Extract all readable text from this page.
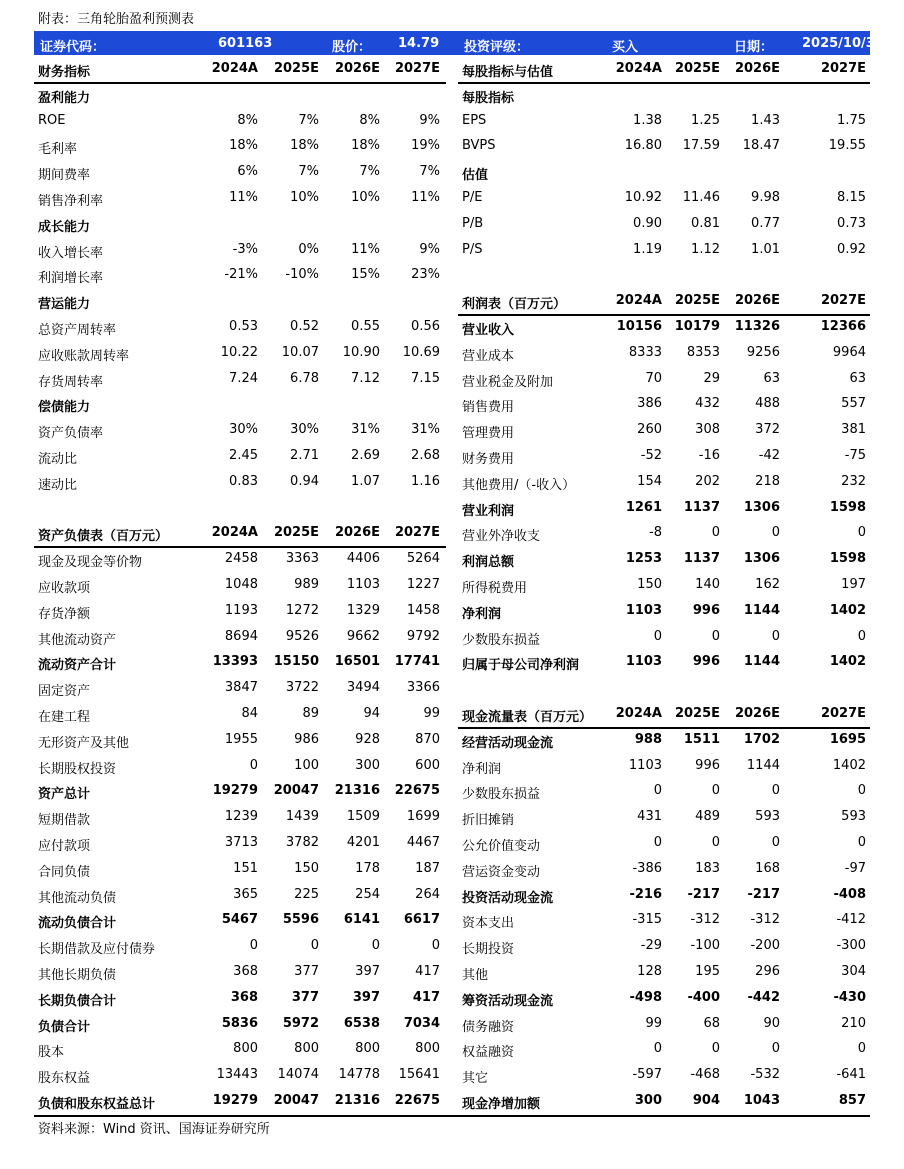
附表：三角轮胎盈利预测表
证券代码：	601163	股价： 14.79 投资评级：	买入	日期： 2025/10/31
财务指标	2024A	2025E	2026E	2027E
盈利能力
ROE	8%	7%	8%	9%
毛利率	18%	18%	18%	19%
期间费率	6%	7%	7%	7%
销售净利率	11%	10%	10%	11%
成长能力
收入增长率	-3%	0%	11%	9%
利润增长率	-21%	-10%	15%	23%
营运能力
总资产周转率	0.53	0.52	0.55	0.56
应收账款周转率	10.22	10.07	10.90	10.69
存货周转率	7.24	6.78	7.12	7.15
偿债能力
资产负债率	30%	30%	31%	31%
流动比	2.45	2.71	2.69	2.68
速动比	0.83	0.94	1.07	1.16
资产负债表（百万元）	2024A	2025E	2026E	2027E
现金及现金等价物	2458	3363	4406	5264
应收款项	1048	989	1103	1227
存货净额	1193	1272	1329	1458
其他流动资产	8694	9526	9662	9792
流动资产合计	13393	15150	16501	17741
固定资产	3847	3722	3494	3366
在建工程	84	89	94	99
无形资产及其他	1955	986	928	870
长期股权投资	0	100	300	600
资产总计	19279	20047	21316	22675
短期借款	1239	1439	1509	1699
应付款项	3713	3782	4201	4467
合同负债	151	150	178	187
其他流动负债	365	225	254	264
流动负债合计	5467	5596	6141	6617
长期借款及应付债券	0	0	0	0
其他长期负债	368	377	397	417
长期负债合计	368	377	397	417
负债合计	5836	5972	6538	7034
股本	800	800	800	800
股东权益	13443	14074	14778	15641
负债和股东权益总计	19279	20047	21316	22675
每股指标与估值	2024A 2025E	2026E	2027E
每股指标
EPS	1.38	1.25	1.43	1.75
BVPS	16.80	17.59	18.47	19.55
估值
P/E	10.92	11.46	9.98	8.15
P/B	0.90	0.81	0.77	0.73
P/S	1.19	1.12	1.01	0.92
利润表（百万元）	2024A 2025E	2026E	2027E
营业收入	10156 10179	11326	12366
营业成本	8333	8353	9256	9964
营业税金及附加	70	29	63	63
销售费用	386	432	488	557
管理费用	260	308	372	381
财务费用	-52	-16	-42	-75
其他费用/（-收入）	154	202	218	232
营业利润	1261	1137	1306	1598
营业外净收支	-8	0	0	0
利润总额	1253	1137	1306	1598
所得税费用	150	140	162	197
净利润	1103	996	1144	1402
少数股东损益	0	0	0	0
归属于母公司净利润	1103	996	1144	1402
现金流量表（百万元）	2024A 2025E	2026E	2027E
经营活动现金流	988	1511	1702	1695
净利润	1103	996	1144	1402
少数股东损益	0	0	0	0
折旧摊销	431	489	593	593
公允价值变动	0	0	0	0
营运资金变动	-386	183	168	-97
投资活动现金流	-216	-217	-217	-408
资本支出	-315	-312	-312	-412
长期投资	-29	-100	-200	-300
其他	128	195	296	304
筹资活动现金流	-498	-400	-442	-430
债务融资	99	68	90	210
权益融资	0	0	0	0
其它	-597	-468	-532	-641
现金净增加额	300	904	1043	857
资料来源：Wind 资讯、国海证券研究所
